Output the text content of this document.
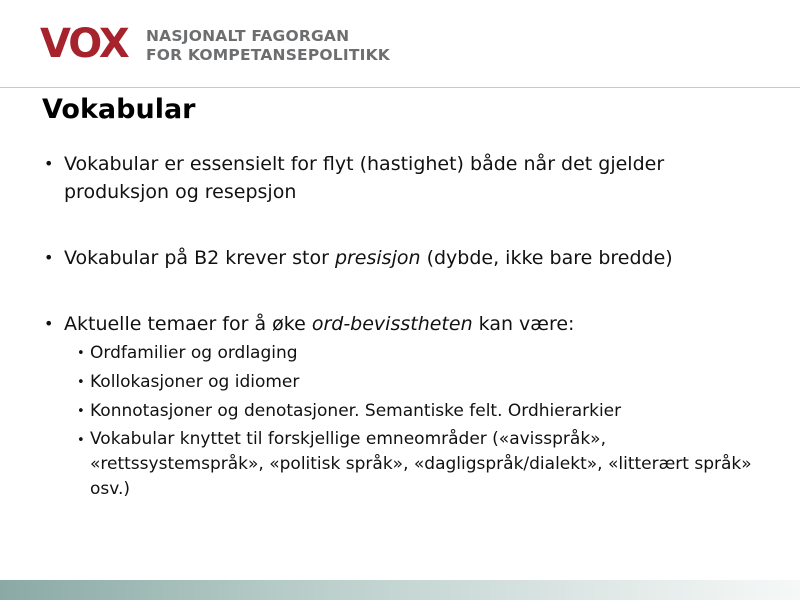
VOX	NASJONALT FAGORGAN
FOR KOMPETANSEPOLITIKK
Vokabular
• Vokabular er essensielt for flyt (hastighet) både når det gjelder produksjon og resepsjon
• Vokabular på B2 krever stor presisjon (dybde, ikke bare bredde)
• Aktuelle temaer for å øke ord-bevisstheten kan være:
• Ordfamilier og ordlaging
• Kollokasjoner og idiomer
• Konnotasjoner og denotasjoner. Semantiske felt. Ordhierarkier
• Vokabular knyttet til forskjellige emneområder («avisspråk», «rettssystemspråk», «politisk språk», «dagligspråk/dialekt», «litterært språk» osv.)
